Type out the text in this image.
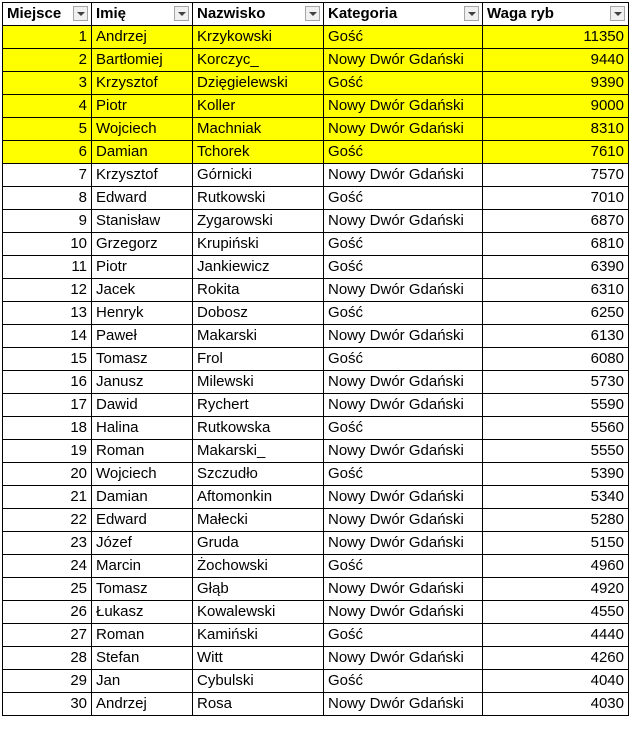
Miejsce	Imię	Nazwisko	Kategoria	Waga ryb

1	Andrzej	Krzykowski	Gość	11350
2	Bartłomiej	Korczyc_	Nowy Dwór Gdański	9440
3	Krzysztof	Dzięgielewski	Gość	9390
4	Piotr	Koller	Nowy Dwór Gdański	9000
5	Wojciech	Machniak	Nowy Dwór Gdański	8310
6	Damian	Tchorek	Gość	7610
7	Krzysztof	Górnicki	Nowy Dwór Gdański	7570
8	Edward	Rutkowski	Gość	7010
9	Stanisław	Zygarowski	Nowy Dwór Gdański	6870
10	Grzegorz	Krupiński	Gość	6810
11	Piotr	Jankiewicz	Gość	6390
12	Jacek	Rokita	Nowy Dwór Gdański	6310
13	Henryk	Dobosz	Gość	6250
14	Paweł	Makarski	Nowy Dwór Gdański	6130
15	Tomasz	Frol	Gość	6080
16	Janusz	Milewski	Nowy Dwór Gdański	5730
17	Dawid	Rychert	Nowy Dwór Gdański	5590
18	Halina	Rutkowska	Gość	5560
19	Roman	Makarski_	Nowy Dwór Gdański	5550
20	Wojciech	Szczudło	Gość	5390
21	Damian	Aftomonkin	Nowy Dwór Gdański	5340
22	Edward	Małecki	Nowy Dwór Gdański	5280
23	Józef	Gruda	Nowy Dwór Gdański	5150
24	Marcin	Żochowski	Gość	4960
25	Tomasz	Głąb	Nowy Dwór Gdański	4920
26	Łukasz	Kowalewski	Nowy Dwór Gdański	4550
27	Roman	Kamiński	Gość	4440
28	Stefan	Witt	Nowy Dwór Gdański	4260
29	Jan	Cybulski	Gość	4040
30	Andrzej	Rosa	Nowy Dwór Gdański	4030
